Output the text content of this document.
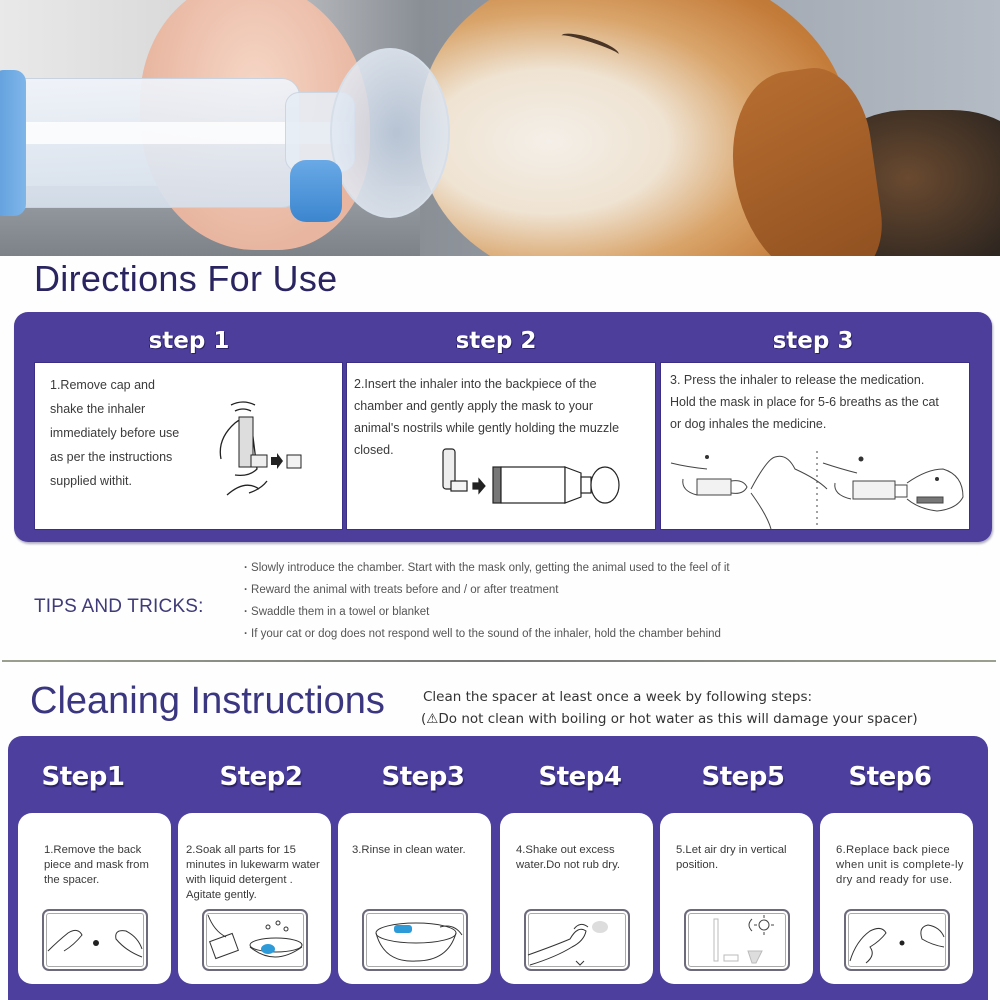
Directions For Use
step 1	step 2	step 3
1.Remove cap and
shake the inhaler
immediately before use
as per the instructions
supplied withit.
2.Insert the inhaler into the backpiece of the
chamber and gently apply the mask to your
animal's nostrils while gently holding the muzzle
closed.
3. Press the inhaler to release the medication.
Hold the mask in place for 5-6 breaths as the cat
or dog inhales the medicine.
TIPS AND TRICKS:
· Slowly introduce the chamber. Start with the mask only, getting the animal used to the feel of it
· Reward the animal with treats before and / or after treatment
· Swaddle them in a towel or blanket
· If your cat or dog does not respond well to the sound of the inhaler, hold the chamber behind
Cleaning Instructions	Clean the spacer at least once a week by following steps:
(⚠Do not clean with boiling or hot water as this will damage your spacer)
Step1	Step2	Step3	Step4	Step5	Step6
1.Remove the back piece and mask from the spacer.
2.Soak all parts for 15 minutes in lukewarm water with liquid detergent . Agitate gently.
3.Rinse in clean water.	4.Shake out excess water.Do not rub dry.
5.Let air dry in vertical position.
6.Replace back piece when unit is complete-ly dry and ready for use.
